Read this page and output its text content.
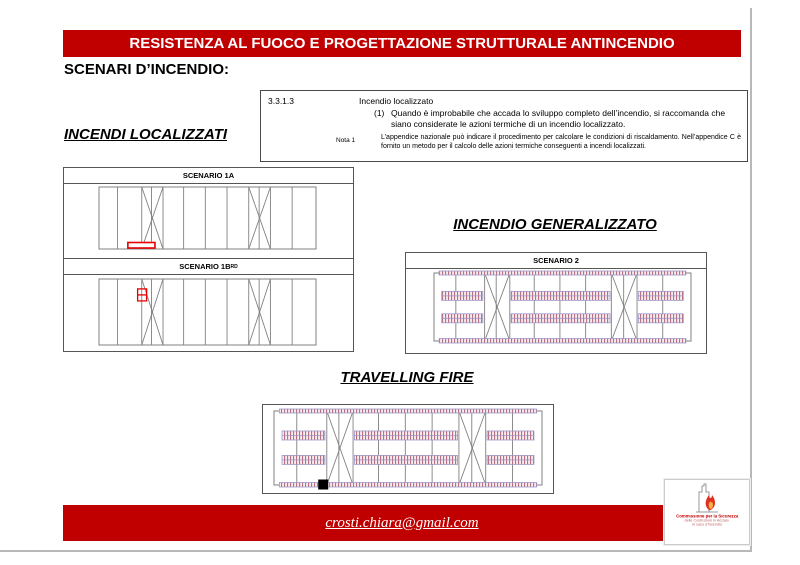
RESISTENZA AL FUOCO E PROGETTAZIONE STRUTTURALE ANTINCENDIO
SCENARI D’INCENDIO:
3.3.1.3	Incendio localizzato
(1) Quando è improbabile che accada lo sviluppo completo dell’incendio, si raccomanda che siano considerate le azioni termiche di un incendio localizzato.
Nota 1	L’appendice nazionale può indicare il procedimento per calcolare le condizioni di riscaldamento. Nell’appendice C è fornito un metodo per il calcolo delle azioni termiche conseguenti a incendi localizzati.
INCENDI LOCALIZZATI
SCENARIO 1A
SCENARIO 1B RD
INCENDIO GENERALIZZATO
SCENARIO 2
TRAVELLING FIRE
crosti.chiara@gmail.com	Commissione per la Sicurezza
delle Costruzioni in Acciaio
in caso d’Incendio
